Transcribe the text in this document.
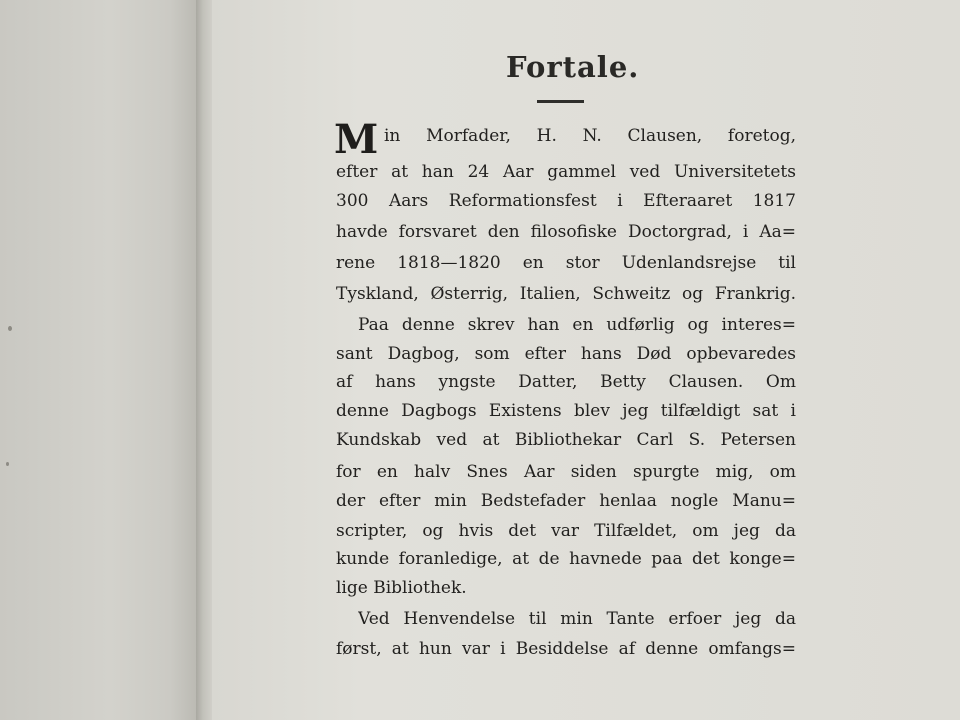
Fortale.
M in Morfader, H. N. Clausen, foretog,

efter at han 24 Aar gammel ved Universitetets

300 Aars Reformationsfest i Efteraaret 1817

havde forsvaret den filosofiske Doctorgrad, i Aa=

rene 1818—1820 en stor Udenlandsrejse til

Tyskland, Østerrig, Italien, Schweitz og Frankrig.

Paa denne skrev han en udførlig og interes=

sant Dagbog, som efter hans Død opbevaredes

af hans yngste Datter, Betty Clausen. Om

denne Dagbogs Existens blev jeg tilfældigt sat i

Kundskab ved at Bibliothekar Carl S. Petersen

for en halv Snes Aar siden spurgte mig, om

der efter min Bedstefader henlaa nogle Manu=

scripter, og hvis det var Tilfældet, om jeg da

kunde foranledige, at de havnede paa det konge=

lige Bibliothek.

Ved Henvendelse til min Tante erfoer jeg da

først, at hun var i Besiddelse af denne omfangs=
